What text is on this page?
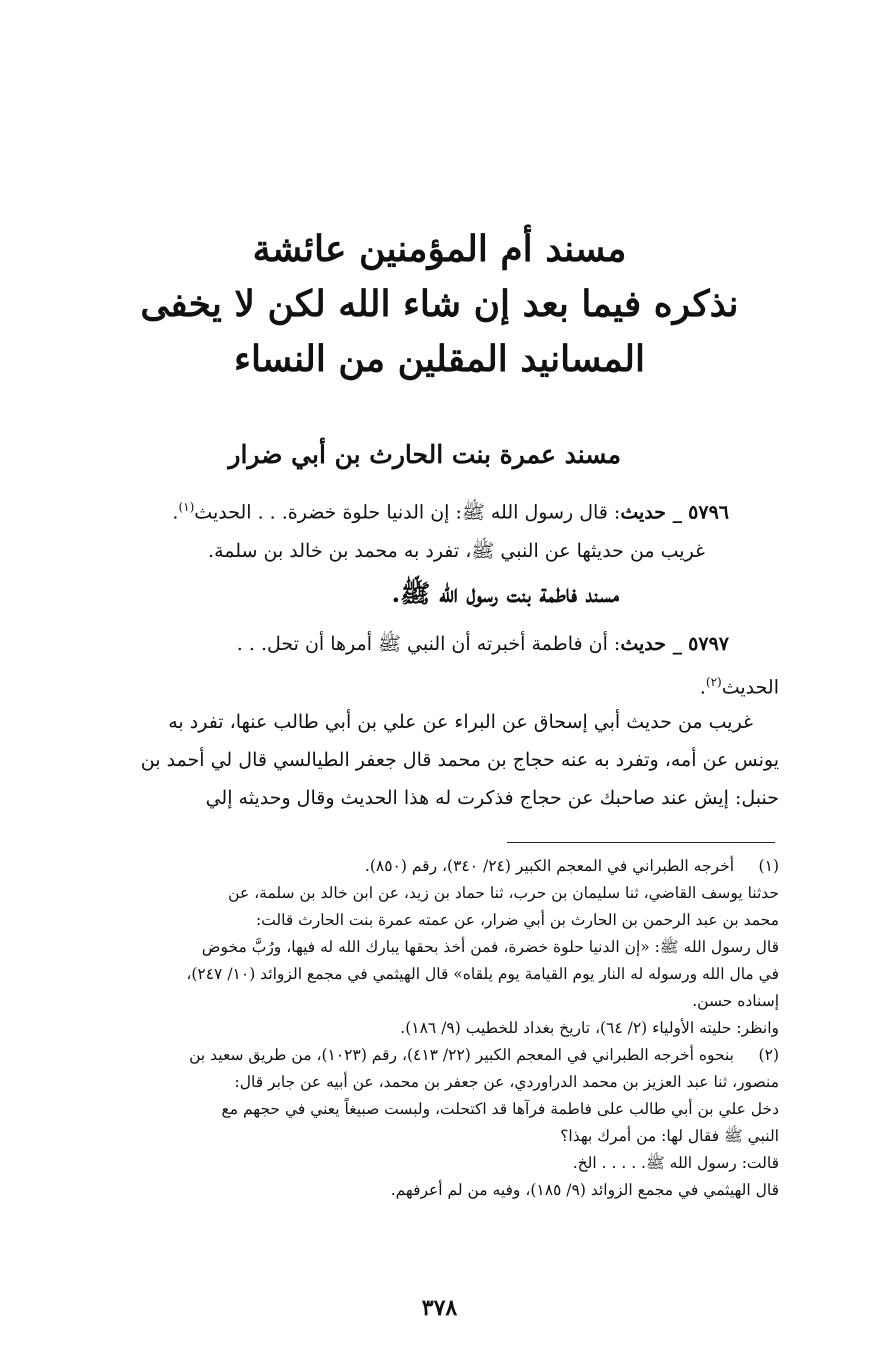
مسند أم المؤمنين عائشة
نذكره فيما بعد إن شاء الله لكن لا يخفى
المسانيد المقلين من النساء
مسند عمرة بنت الحارث بن أبي ضرار
٥٧٩٦ _ حديث: قال رسول الله ﷺ: إن الدنيا حلوة خضرة. . . الحديث$^{(١)}$.
غريب من حديثها عن النبي ﷺ، تفرد به محمد بن خالد بن سلمة.
مسند فاطمة بنت رسول الله ﷺ.
٥٧٩٧ _ حديث: أن فاطمة أخبرته أن النبي ﷺ أمرها أن تحل. . .
الحديث$^{(٢)}$.
غريب من حديث أبي إسحاق عن البراء عن علي بن أبي طالب عنها، تفرد به
يونس عن أمه، وتفرد به عنه حجاج بن محمد قال جعفر الطيالسي قال لي أحمد بن
حنبل: إيش عند صاحبك عن حجاج فذكرت له هذا الحديث وقال وحديثه إلي
(١)
أخرجه الطبراني في المعجم الكبير (٢٤/ ٣٤٠)، رقم (٨٥٠).
حدثنا يوسف القاضي، ثنا سليمان بن حرب، ثنا حماد بن زيد، عن ابن خالد بن سلمة، عن
محمد بن عبد الرحمن بن الحارث بن أبي ضرار، عن عمته عمرة بنت الحارث قالت:
قال رسول الله ﷺ: «إن الدنيا حلوة خضرة، فمن أخذ بحقها يبارك الله له فيها، ورُبَّ مخوض
في مال الله ورسوله له النار يوم القيامة يوم يلقاه» قال الهيثمي في مجمع الزوائد (١٠/ ٢٤٧)،
إسناده حسن.
وانظر: حليته الأولياء (٢/ ٦٤)، تاريخ بغداد للخطيب (٩/ ١٨٦).
(٢)
بنحوه أخرجه الطبراني في المعجم الكبير (٢٢/ ٤١٣)، رقم (١٠٢٣)، من طريق سعيد بن
منصور، ثنا عبد العزيز بن محمد الدراوردي، عن جعفر بن محمد، عن أبيه عن جابر قال:
دخل علي بن أبي طالب على فاطمة فرآها قد اكتحلت، ولبست صبيغاً يعني في حجهم مع
النبي ﷺ فقال لها: من أمرك بهذا؟
قالت: رسول الله ﷺ. . . . . الخ.
قال الهيثمي في مجمع الزوائد (٩/ ١٨٥)، وفيه من لم أعرفهم.
٣٧٨
